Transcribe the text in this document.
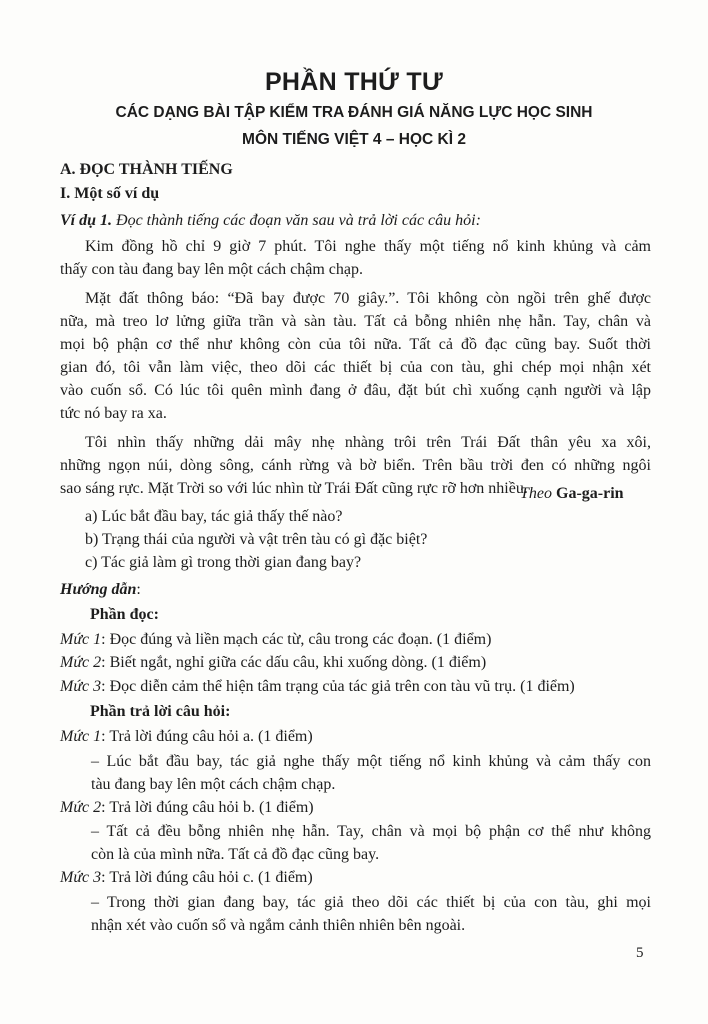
PHẦN THỨ TƯ
CÁC DẠNG BÀI TẬP KIỂM TRA ĐÁNH GIÁ NĂNG LỰC HỌC SINH
MÔN TIẾNG VIỆT 4 – HỌC KÌ 2
A. ĐỌC THÀNH TIẾNG
I. Một số ví dụ
Ví dụ 1. Đọc thành tiếng các đoạn văn sau và trả lời các câu hỏi:
Kim đồng hồ chỉ 9 giờ 7 phút. Tôi nghe thấy một tiếng nổ kinh khủng và cảm
thấy con tàu đang bay lên một cách chậm chạp.
Mặt đất thông báo: “Đã bay được 70 giây.”. Tôi không còn ngồi trên ghế được
nữa, mà treo lơ lửng giữa trần và sàn tàu. Tất cả bỗng nhiên nhẹ hẫn. Tay, chân và
mọi bộ phận cơ thể như không còn của tôi nữa. Tất cả đồ đạc cũng bay. Suốt thời
gian đó, tôi vẫn làm việc, theo dõi các thiết bị của con tàu, ghi chép mọi nhận xét
vào cuốn sổ. Có lúc tôi quên mình đang ở đâu, đặt bút chì xuống cạnh người và lập
tức nó bay ra xa.
Tôi nhìn thấy những dải mây nhẹ nhàng trôi trên Trái Đất thân yêu xa xôi,
những ngọn núi, dòng sông, cánh rừng và bờ biển. Trên bầu trời đen có những ngôi
sao sáng rực. Mặt Trời so với lúc nhìn từ Trái Đất cũng rực rỡ hơn nhiều.
Theo Ga-ga-rin
a) Lúc bắt đầu bay, tác giả thấy thế nào?
b) Trạng thái của người và vật trên tàu có gì đặc biệt?
c) Tác giả làm gì trong thời gian đang bay?
Hướng dẫn:
Phần đọc:
Mức 1: Đọc đúng và liền mạch các từ, câu trong các đoạn. (1 điểm)
Mức 2: Biết ngắt, nghỉ giữa các dấu câu, khi xuống dòng. (1 điểm)
Mức 3: Đọc diễn cảm thể hiện tâm trạng của tác giả trên con tàu vũ trụ. (1 điểm)
Phần trả lời câu hỏi:
Mức 1: Trả lời đúng câu hỏi a. (1 điểm)
– Lúc bắt đầu bay, tác giả nghe thấy một tiếng nổ kinh khủng và cảm thấy con
tàu đang bay lên một cách chậm chạp.
Mức 2: Trả lời đúng câu hỏi b. (1 điểm)
– Tất cả đều bỗng nhiên nhẹ hẫn. Tay, chân và mọi bộ phận cơ thể như không
còn là của mình nữa. Tất cả đồ đạc cũng bay.
Mức 3: Trả lời đúng câu hỏi c. (1 điểm)
– Trong thời gian đang bay, tác giả theo dõi các thiết bị của con tàu, ghi mọi
nhận xét vào cuốn sổ và ngắm cảnh thiên nhiên bên ngoài.
5
